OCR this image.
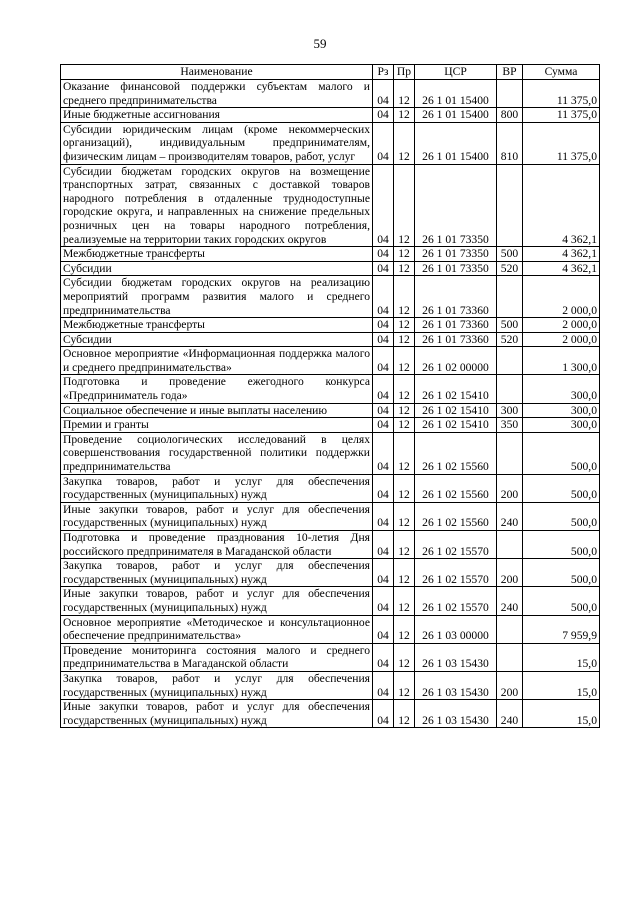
59
Наименование	Рз	Пр	ЦСР	ВР	Сумма
Оказание финансовой поддержки субъектам малого и среднего предпринимательства	04	12	26 1 01 15400		11 375,0
Иные бюджетные ассигнования	04	12	26 1 01 15400	800	11 375,0
Субсидии юридическим лицам (кроме некоммерческих организаций), индивидуальным предпринимателям, физическим лицам – производителям товаров, работ, услуг	04	12	26 1 01 15400	810	11 375,0
Субсидии бюджетам городских округов на возмещение транспортных затрат, связанных с доставкой товаров народного потребления в отдаленные труднодоступные городские округа, и направленных на снижение предельных розничных цен на товары народного потребления, реализуемые на территории таких городских округов	04	12	26 1 01 73350		4 362,1
Межбюджетные трансферты	04	12	26 1 01 73350	500	4 362,1
Субсидии	04	12	26 1 01 73350	520	4 362,1
Субсидии бюджетам городских округов на реализацию мероприятий программ развития малого и среднего предпринимательства	04	12	26 1 01 73360		2 000,0
Межбюджетные трансферты	04	12	26 1 01 73360	500	2 000,0
Субсидии	04	12	26 1 01 73360	520	2 000,0
Основное мероприятие «Информационная поддержка малого и среднего предпринимательства»	04	12	26 1 02 00000		1 300,0
Подготовка и проведение ежегодного конкурса «Предприниматель года»	04	12	26 1 02 15410		300,0
Социальное обеспечение и иные выплаты населению	04	12	26 1 02 15410	300	300,0
Премии и гранты	04	12	26 1 02 15410	350	300,0
Проведение социологических исследований в целях совершенствования государственной политики поддержки предпринимательства	04	12	26 1 02 15560		500,0
Закупка товаров, работ и услуг для обеспечения государственных (муниципальных) нужд	04	12	26 1 02 15560	200	500,0
Иные закупки товаров, работ и услуг для обеспечения государственных (муниципальных) нужд	04	12	26 1 02 15560	240	500,0
Подготовка и проведение празднования 10-летия Дня российского предпринимателя в Магаданской области	04	12	26 1 02 15570		500,0
Закупка товаров, работ и услуг для обеспечения государственных (муниципальных) нужд	04	12	26 1 02 15570	200	500,0
Иные закупки товаров, работ и услуг для обеспечения государственных (муниципальных) нужд	04	12	26 1 02 15570	240	500,0
Основное мероприятие «Методическое и консультационное обеспечение предпринимательства»	04	12	26 1 03 00000		7 959,9
Проведение мониторинга состояния малого и среднего предпринимательства в Магаданской области	04	12	26 1 03 15430		15,0
Закупка товаров, работ и услуг для обеспечения государственных (муниципальных) нужд	04	12	26 1 03 15430	200	15,0
Иные закупки товаров, работ и услуг для обеспечения государственных (муниципальных) нужд	04	12	26 1 03 15430	240	15,0
